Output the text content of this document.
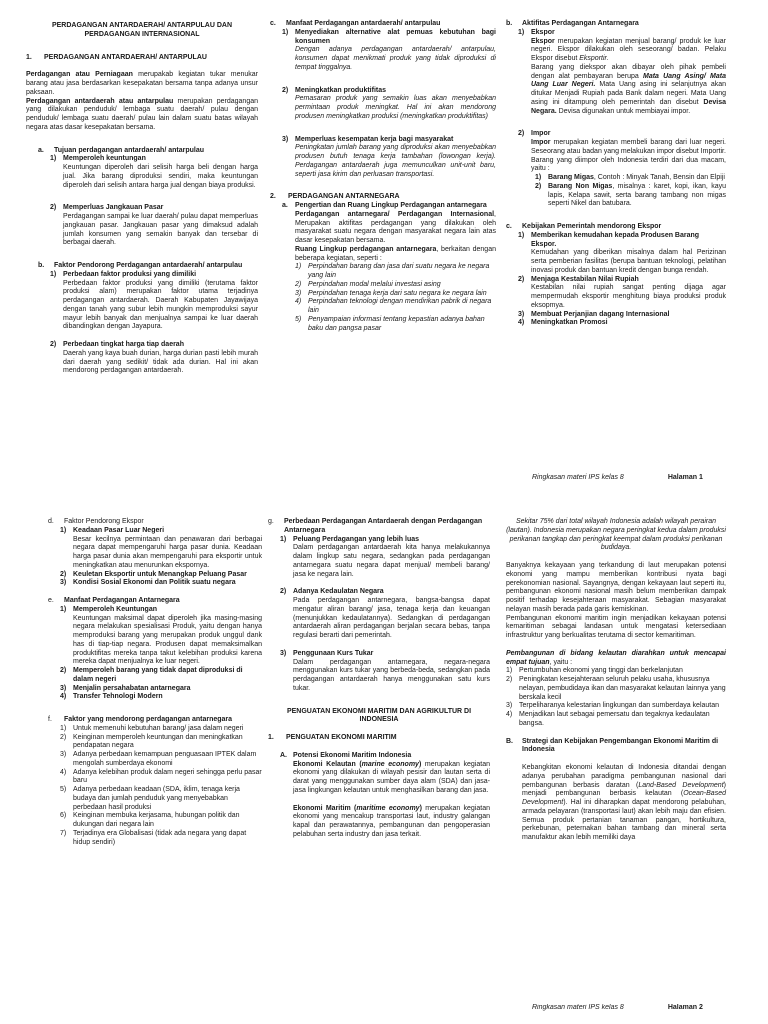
PERDAGANGAN ANTARDAERAH/ ANTARPULAU DAN PERDAGANGAN INTERNASIONAL

1.	PERDAGANGAN ANTARDAERAH/ ANTARPULAU

Perdagangan atau Perniagaan merupakab kegiatan tukar menukar barang atau jasa berdasarkan kesepakatan bersama tanpa adanya unsur paksaan.

Perdagangan antardaerah atau antarpulau merupakan perdagangan yang dilakukan penduduk/ lembaga suatu daerah/ pulau dengan penduduk/ lembaga suatu daerah/ pulau lain dalam suatu batas wilayah negara atas dasar kesepakatan bersama.

a.	Tujuan perdagangan antardaerah/ antarpulau
1) Memperoleh keuntungan

Keuntungan diperoleh dari selisih harga beli dengan harga jual. Jika barang diproduksi sendiri, maka keuntungan diperoleh dari selisih antara harga jual dengan biaya produksi.

2) Memperluas Jangkauan Pasar

Perdagangan sampai ke luar daerah/ pulau dapat memperluas jangkauan pasar. Jangkauan pasar yang dimaksud adalah jumlah konsumen yang semakin banyak dan tersebar di berbagai daerah.

b.	Faktor Pendorong Perdagangan antardaerah/ antarpulau
1) Perbedaan faktor produksi yang dimiliki

Perbedaan faktor produksi yang dimiliki (terutama faktor produksi alam) merupakan faktor utama terjadinya perdagangan antardaerah. Daerah Kabupaten Jayawijaya dengan tanah yang subur lebih mungkin memproduksi sayur mayur lebih banyak dan menjualnya sampai ke luar daerah dibandingkan dengan Jayapura.

2) Perbedaan tingkat harga tiap daerah

Daerah yang kaya buah durian, harga durian pasti lebih murah dari daerah yang sedikit/ tidak ada durian. Hal ini akan mendorong perdagangan antardaerah.

c.	Manfaat Perdagangan antardaerah/ antarpulau
1) Menyediakan alternative alat pemuas kebutuhan bagi konsumen

Dengan adanya perdagangan antardaerah/ antarpulau, konsumen dapat menikmati produk yang tidak diproduksi di tempat tinggalnya.

2) Meningkatkan produktifitas

Pemasaran produk yang semakin luas akan menyebabkan permintaan produk meningkat. Hal ini akan mendorong produsen meningkatkan produksi (meningkatkan produktifitas)

3) Memperluas kesempatan kerja bagi masyarakat

Peningkatan jumlah barang yang diproduksi akan menyebabkan produsen butuh tenaga kerja tambahan (lowongan kerja). Perdagangan antardaerah juga memunculkan unit-unit baru, seperti jasa kirim dan perluasan transportasi.

2.	PERDAGANGAN ANTARNEGARA
a.	Pengertian dan Ruang Lingkup Perdagangan antarnegara

Perdagangan antarnegara/ Perdagangan Internasional, Merupakan aktifitas perdagangan yang dilakukan oleh masyarakat suatu negara dengan masyarakat negara lain atas dasar kesepakatan bersama.

Ruang Lingkup perdagangan antarnegara, berkaitan dengan beberapa kegiatan, seperti :

1) Perpindahan barang dan jasa dari suatu negara ke negara yang lain
2) Perpindahan modal melalui investasi asing
3) Perpindahan tenaga kerja dari satu negara ke negara lain
4) Perpindahan teknologi dengan mendirikan pabrik di negara lain
5) Penyampaian informasi tentang kepastian adanya bahan baku dan pangsa pasar
b.	Aktifitas Perdagangan Antarnegara
1) Ekspor

Ekspor merupakan kegiatan menjual barang/ produk ke luar negeri. Ekspor dilakukan oleh seseorang/ badan. Pelaku Ekspor disebut Eksportir.

Barang yang diekspor akan dibayar oleh pihak pembeli dengan alat pembayaran berupa Mata Uang Asing/ Mata Uang Luar Negeri. Mata Uang asing ini selanjutnya akan ditukar Menjadi Rupiah pada Bank dalam negeri. Mata Uang asing ini ditampung oleh pemerintah dan disebut Devisa Negara. Devisa digunakan untuk membiayai impor.

2) Impor

Impor merupakan kegiatan membeli barang dari luar negeri. Seseorang atau badan yang melakukan impor disebut Importir.

Barang yang diimpor oleh Indonesia terdiri dari dua macam, yaitu :

1) Barang Migas, Contoh : Minyak Tanah, Bensin dan Elpiji
2) Barang Non Migas, misalnya : karet, kopi, ikan, kayu lapis, Kelapa sawit, serta barang tambang non migas seperti Nikel dan batubara.
c.	Kebijakan Pemerintah mendorong Ekspor
1) Memberikan kemudahan kepada Produsen Barang Ekspor.

Kemudahan yang diberikan misalnya dalam hal Perizinan serta pemberian fasilitas (berupa bantuan teknologi, pelatihan inovasi produk dan bantuan kredit dengan bunga rendah.

2) Menjaga Kestabilan Nilai Rupiah

Kestabilan nilai rupiah sangat penting dijaga agar mempermudah eksportir menghitung biaya produksi produk eksopmya.

3) Membuat Perjanjian dagang Internasional
4) Meningkatkan Promosi
Ringkasan materi IPS kelas 8	Halaman 1
d.	Faktor Pendorong Ekspor
1) Keadaan Pasar Luar Negeri

Besar kecilnya permintaan dan penawaran dari berbagai negara dapat mempengaruhi harga pasar dunia. Keadaan harga pasar dunia akan mempengaruhi para eksportir untuk meningkatkan atau menurunkan ekspornya.

2) Keuletan Eksportir untuk Menangkap Peluang Pasar
3) Kondisi Sosial Ekonomi dan Politik suatu negara
e.	Manfaat Perdagangan Antarnegara
1) Memperoleh Keuntungan

Keuntungan maksimal dapat diperoleh jika masing-masing negara melakukan spesialisasi Produk, yaitu dengan hanya memproduksi barang yang merupakan produk unggul dank has di tiap-tiap negara. Produsen dapat memaksimalkan produktifitas mereka tanpa takut kelebihan produksi karena mereka dapat menjualnya ke luar negeri.

2) Memperoleh barang yang tidak dapat diproduksi di dalam negeri
3) Menjalin persahabatan antarnegara
4) Transfer Tehnologi Modern
f.	Faktor yang mendorong perdagangan antarnegara
1) Untuk memenuhi kebutuhan barang/ jasa dalam negeri
2) Keinginan memperoleh keuntungan dan meningkatkan pendapatan negara
3) Adanya perbedaan kemampuan penguasaan IPTEK dalam mengolah sumberdaya ekonomi
4) Adanya kelebihan produk dalam negeri sehingga perlu pasar baru
5) Adanya perbedaan keadaan (SDA, iklim, tenaga kerja budaya dan jumlah penduduk yang menyebabkan perbedaan hasil produksi
6) Keinginan membuka kerjasama, hubungan politik dan dukungan dari negara lain
7) Terjadinya era Globalisasi (tidak ada negara yang dapat hidup sendiri)
g.	Perbedaan Perdagangan Antardaerah dengan Perdagangan Antarnegara
1) Peluang Perdagangan yang lebih luas

Dalam perdagangan antardaerah kita hanya melakukannya dalam lingkup satu negara, sedangkan pada perdagangan antarnegara suatu negara dapat menjual/ membeli barang/ jasa ke negara lain.

2) Adanya Kedaulatan Negara

Pada perdagangan antarnegara, bangsa-bangsa dapat mengatur aliran barang/ jasa, tenaga kerja dan keuangan (menunjukkan kedaulatannya). Sedangkan di perdagangan antardaerah aliran perdagangan berjalan secara bebas, tanpa regulasi berarti dari pemerintah.

3) Penggunaan Kurs Tukar

Dalam perdagangan antarnegara, negara-negara menggunakan kurs tukar yang berbeda-beda, sedangkan pada perdagangan antardaerah hanya menggunakan satu kurs tukar.

PENGUATAN EKONOMI MARITIM DAN AGRIKULTUR DI INDONESIA

1.	PENGUATAN EKONOMI MARITIM
A. Potensi Ekonomi Maritim Indonesia

Ekonomi Kelautan (marine economy) merupakan kegiatan ekonomi yang dilakukan di wilayah pesisir dan lautan serta di darat yang menggunakan sumber daya alam (SDA) dan jasa-jasa lingkungan kelautan untuk menghasilkan barang dan jasa.

Ekonomi Maritim (maritime economy) merupakan kegiatan ekonomi yang mencakup transportasi laut, industry galangan kapal dan perawatannya, pembangunan dan pengoperasian pelabuhan serta industry dan jasa terkait.

Sekitar 75% dari total wilayah Indonesia adalah wilayah perairan (lautan). Indonesia merupakan negara peringkat kedua dalam produksi perikanan tangkap dan peringkat keempat dalam produksi perikanan budidaya.

Banyaknya kekayaan yang terkandung di laut merupakan potensi ekonomi yang mampu memberikan kontribusi nyata bagi perekonomian nasional. Sayangnya, dengan kekayaan laut seperti itu, pembangunan ekonomi nasional masih belum memberikan dampak positif terhadap kesejahteraan masyarakat. Sebagian masyarakat nelayan masih berada pada garis kemiskinan.

Pembangunan ekonomi maritim ingin menjadikan kekayaan potensi kemaritiman sebagai landasan untuk mengatasi ketersediaan infrastruktur yang berkualitas terutama di sector kemaritiman.

Pembangunan di bidang kelautan diarahkan untuk mencapai empat tujuan, yaitu :

1) Pertumbuhan ekonomi yang tinggi dan berkelanjutan
2) Peningkatan kesejahteraan seluruh pelaku usaha, khususnya nelayan, pembudidaya ikan dan masyarakat kelautan lainnya yang berskala kecil
3) Terpeliharanya kelestarian lingkungan dan sumberdaya kelautan
4) Menjadikan laut sebagai pemersatu dan tegaknya kedaulatan bangsa.
B.	Strategi dan Kebijakan Pengembangan Ekonomi Maritim di Indonesia

Kebangkitan ekonomi kelautan di Indonesia ditandai dengan adanya perubahan paradigma pembangunan nasional dari pembangunan berbasis daratan (Land-Based Development) menjadi pembangunan berbasis kelautan (Ocean-Based Development). Hal ini diharapkan dapat mendorong pelabuhan, armada pelayaran (transportasi laut) akan lebih maju dan efisien. Semua produk pertanian tanaman pangan, hortikultura, perkebunan, peternakan bahan tambang dan mineral serta manufaktur akan lebih memiliki daya

Ringkasan materi IPS kelas 8	Halaman 2
